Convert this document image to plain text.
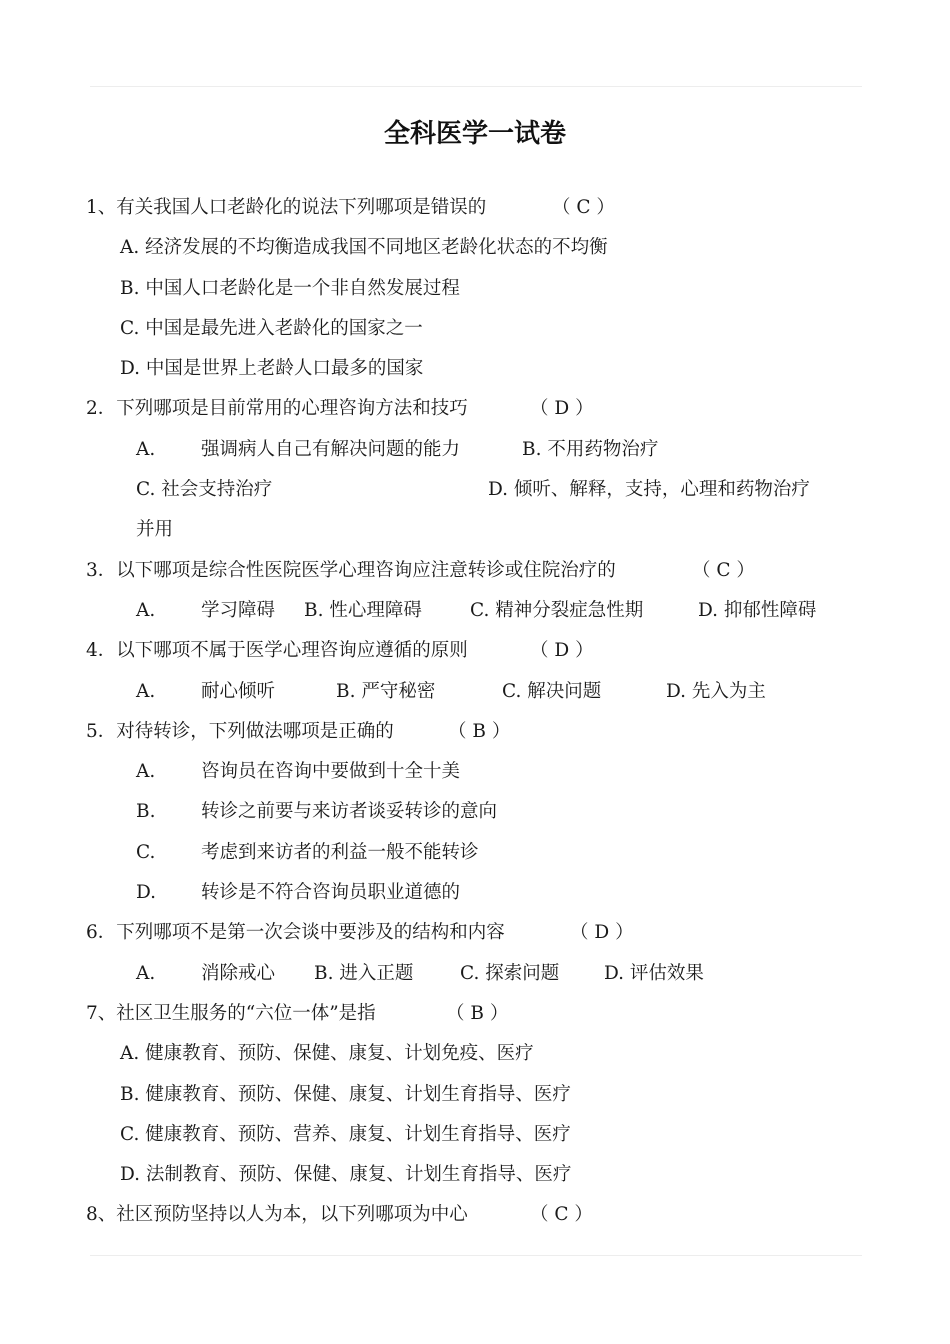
全科医学一试卷
1、有关我国人口老龄化的说法下列哪项是错误的	（ C ）
A. 经济发展的不均衡造成我国不同地区老龄化状态的不均衡
B. 中国人口老龄化是一个非自然发展过程
C. 中国是最先进入老龄化的国家之一
D. 中国是世界上老龄人口最多的国家
2．下列哪项是目前常用的心理咨询方法和技巧	（ D ）
A. 强调病人自己有解决问题的能力	B. 不用药物治疗
C. 社会支持治疗	D. 倾听、解释，支持，心理和药物治疗
并用
3．以下哪项是综合性医院医学心理咨询应注意转诊或住院治疗的	（ C ）
A. 学习障碍 B. 性心理障碍	C. 精神分裂症急性期	D. 抑郁性障碍
4．以下哪项不属于医学心理咨询应遵循的原则	（ D ）
A. 耐心倾听	B. 严守秘密	C. 解决问题	D. 先入为主
5．对待转诊，下列做法哪项是正确的	（ B ）
A. 咨询员在咨询中要做到十全十美
B. 转诊之前要与来访者谈妥转诊的意向
C. 考虑到来访者的利益一般不能转诊
D. 转诊是不符合咨询员职业道德的
6．下列哪项不是第一次会谈中要涉及的结构和内容	（ D ）
A. 消除戒心 B. 进入正题	C. 探索问题 D. 评估效果
7、社区卫生服务的“六位一体”是指	（ B ）
A. 健康教育、预防、保健、康复、计划免疫、医疗
B. 健康教育、预防、保健、康复、计划生育指导、医疗
C. 健康教育、预防、营养、康复、计划生育指导、医疗
D. 法制教育、预防、保健、康复、计划生育指导、医疗
8、社区预防坚持以人为本，以下列哪项为中心	（ C ）
